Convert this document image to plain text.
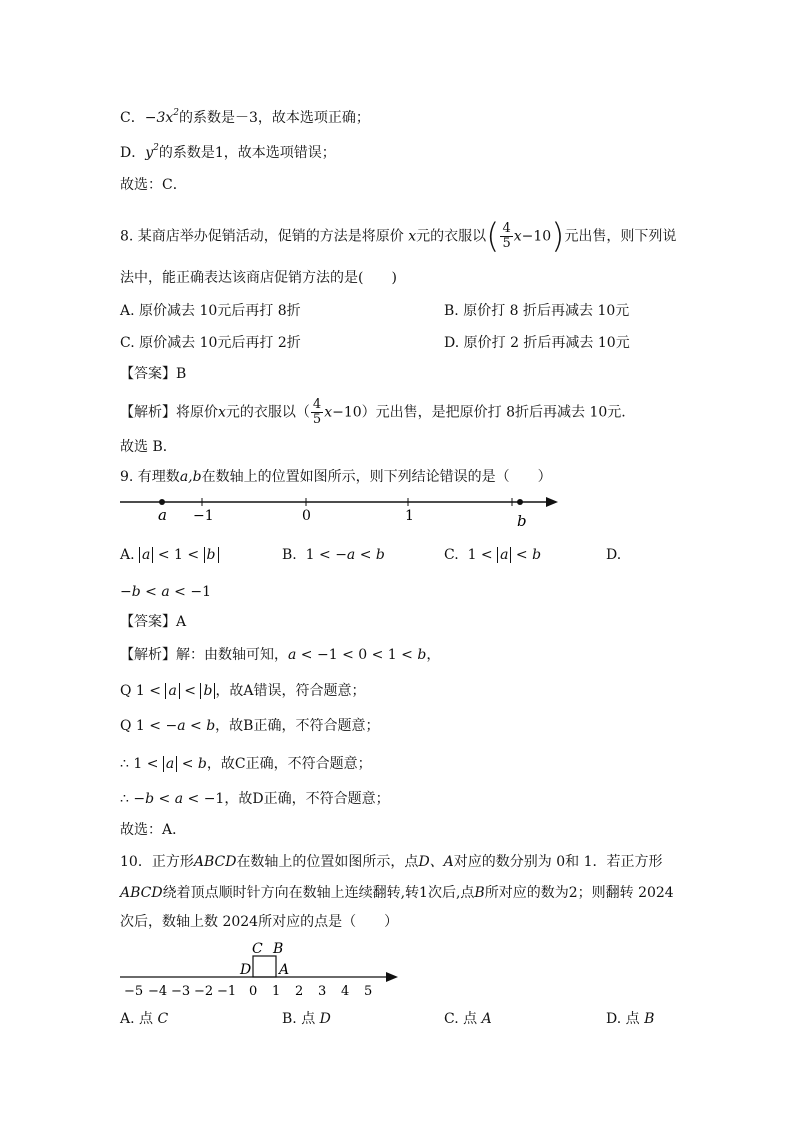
C．$-3x^2$的系数是－3，故本选项正确；
D．$y^2$的系数是1，故本选项错误；
故选：C．
8. 某商店举办促销活动，促销的方法是将原价 x元的衣服以( $\frac{4}{5} x-10$)元出售，则下列说
法中，能正确表达该商店促销方法的是(　　)
A. 原价减去 10元后再打 8折	B. 原价打 8 折后再减去 10元
C. 原价减去 10元后再打 2折	D. 原价打 2 折后再减去 10元
【答案】B
【解析】将原价x元的衣服以（ $\frac{4}{5} x-10$）元出售，是把原价打 8折后再减去 10元.
故选 B．
9. 有理数a,b在数轴上的位置如图所示，则下列结论错误的是（　　）
a −1	0	1	b
A. a < 1 < b	B.  1 < −a < b	C.  1 < a < b	D.
−b < a < −1
【答案】A
【解析】解：由数轴可知，a < −1 < 0 < 1 < b，
Q 1 < a < b ，故A错误，符合题意；
Q 1 < −a < b，故B正确，不符合题意；
∴ 1 < a < b，故C正确，不符合题意；
∴ −b < a < −1，故D正确，不符合题意；
故选：A．
10．正方形ABCD在数轴上的位置如图所示，点D、A对应的数分别为 0和 1．若正方形
ABCD绕着顶点顺时针方向在数轴上连续翻转,转1次后,点B所对应的数为2；则翻转 2024
次后，数轴上数 2024所对应的点是（　　）
C B
D A
−5 −4 −3 −2 −1 0 1 2 3 4 5
A. 点 C	B. 点 D	C. 点 A	D. 点 B
